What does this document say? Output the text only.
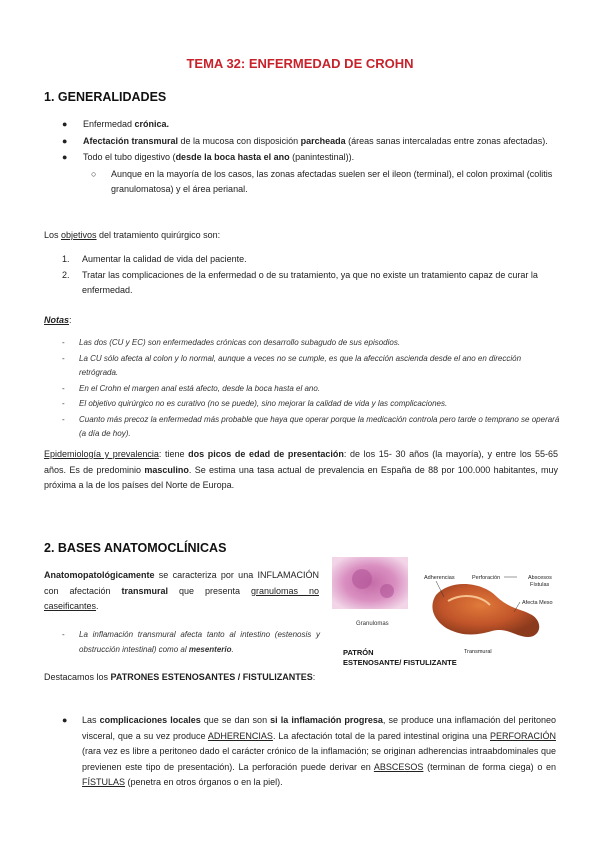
TEMA 32: ENFERMEDAD DE CROHN
1. GENERALIDADES
● Enfermedad crónica.
● Afectación transmural de la mucosa con disposición parcheada (áreas sanas intercaladas entre zonas afectadas).
● Todo el tubo digestivo (desde la boca hasta el ano (panintestinal)).
○ Aunque en la mayoría de los casos, las zonas afectadas suelen ser el ileon (terminal), el colon proximal (colitis granulomatosa) y el área perianal.
Los objetivos del tratamiento quirúrgico son:
1. Aumentar la calidad de vida del paciente.
2. Tratar las complicaciones de la enfermedad o de su tratamiento, ya que no existe un tratamiento capaz de curar la enfermedad.
Notas:
- Las dos (CU y EC) son enfermedades crónicas con desarrollo subagudo de sus episodios.
- La CU sólo afecta al colon y lo normal, aunque a veces no se cumple, es que la afección ascienda desde el ano en dirección retrógrada.
- En el Crohn el margen anal está afecto, desde la boca hasta el ano.
- El objetivo quirúrgico no es curativo (no se puede), sino mejorar la calidad de vida y las complicaciones.
- Cuanto más precoz la enfermedad más probable que haya que operar porque la medicación controla pero tarde o temprano se operará (a día de hoy).
Epidemiología y prevalencia: tiene dos picos de edad de presentación: de los 15- 30 años (la mayoría), y entre los 55-65 años. Es de predominio masculino. Se estima una tasa actual de prevalencia en España de 88 por 100.000 habitantes, muy próxima a la de los países del Norte de Europa.
2. BASES ANATOMOCLÍNICAS
Anatomopatológicamente se caracteriza por una INFLAMACIÓN con afectación transmural que presenta granulomas no caseificantes.
- La inflamación transmural afecta tanto al intestino (estenosis y obstrucción intestinal) como al mesenterio.
Destacamos los PATRONES ESTENOSANTES / FISTULIZANTES:
Granulomas
Adherencias	Perforación	Abscesos
Fístulas
Afecta Meso
Transmural
PATRÓN
ESTENOSANTE/ FISTULIZANTE
● Las complicaciones locales que se dan son si la inflamación progresa, se produce una inflamación del peritoneo visceral, que a su vez produce ADHERENCIAS. La afectación total de la pared intestinal origina una PERFORACIÓN (rara vez es libre a peritoneo dado el carácter crónico de la inflamación; se originan adherencias intraabdominales que previenen este tipo de presentación). La perforación puede derivar en ABSCESOS (terminan de forma ciega) o en FÍSTULAS (penetra en otros órganos o en la piel).
